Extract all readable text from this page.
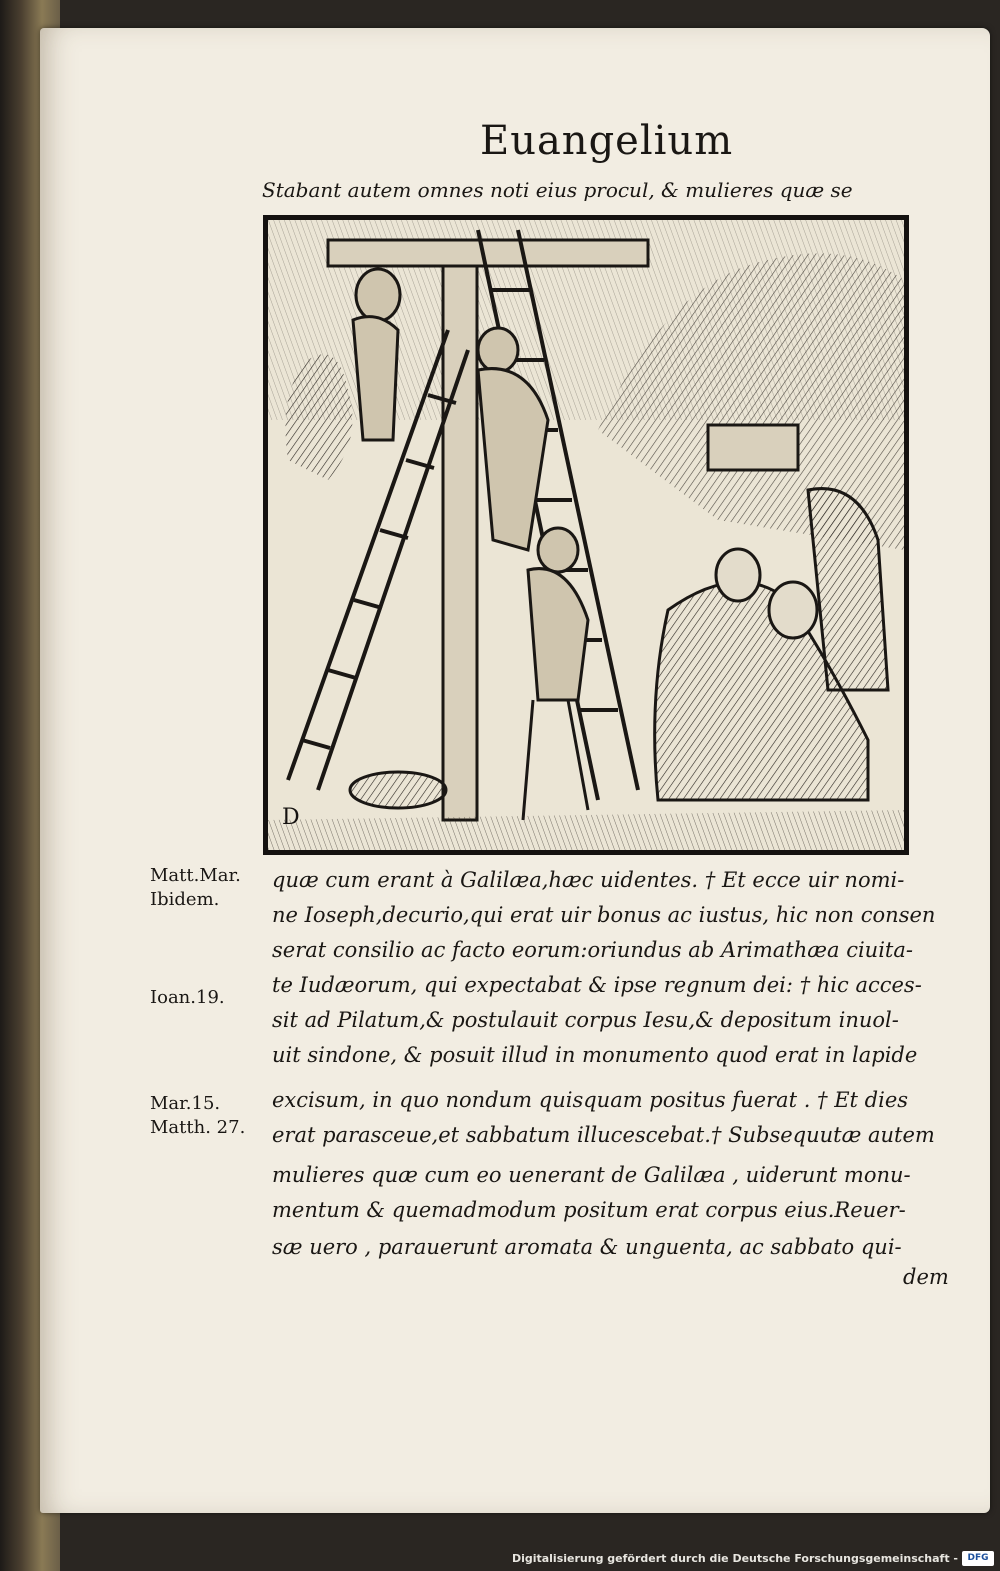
Euangelium
Stabant autem omnes noti eius procul, & mulieres quæ se
D
Matt.Mar.
Ibidem.
Ioan.19.
Mar.15.
Matth. 27.
quæ cum erant à Galilæa,hæc uidentes. † Et ecce uir nomi-
ne Ioseph,decurio,qui erat uir bonus ac iustus, hic non consen
serat consilio ac facto eorum:oriundus ab Arimathæa ciuita-
te Iudæorum, qui expectabat & ipse regnum dei: † hic acces-
sit ad Pilatum,& postulauit corpus Iesu,& depositum inuol-
uit sindone, & posuit illud in monumento quod erat in lapide
excisum, in quo nondum quisquam positus fuerat . † Et dies
erat parasceue,et sabbatum illucescebat.† Subsequutæ autem
mulieres quæ cum eo uenerant de Galilæa , uiderunt monu-
mentum & quemadmodum positum erat corpus eius.Reuer-
sæ uero , parauerunt aromata & unguenta, ac sabbato qui-
dem
Digitalisierung gefördert durch die Deutsche Forschungsgemeinschaft -	DFG
